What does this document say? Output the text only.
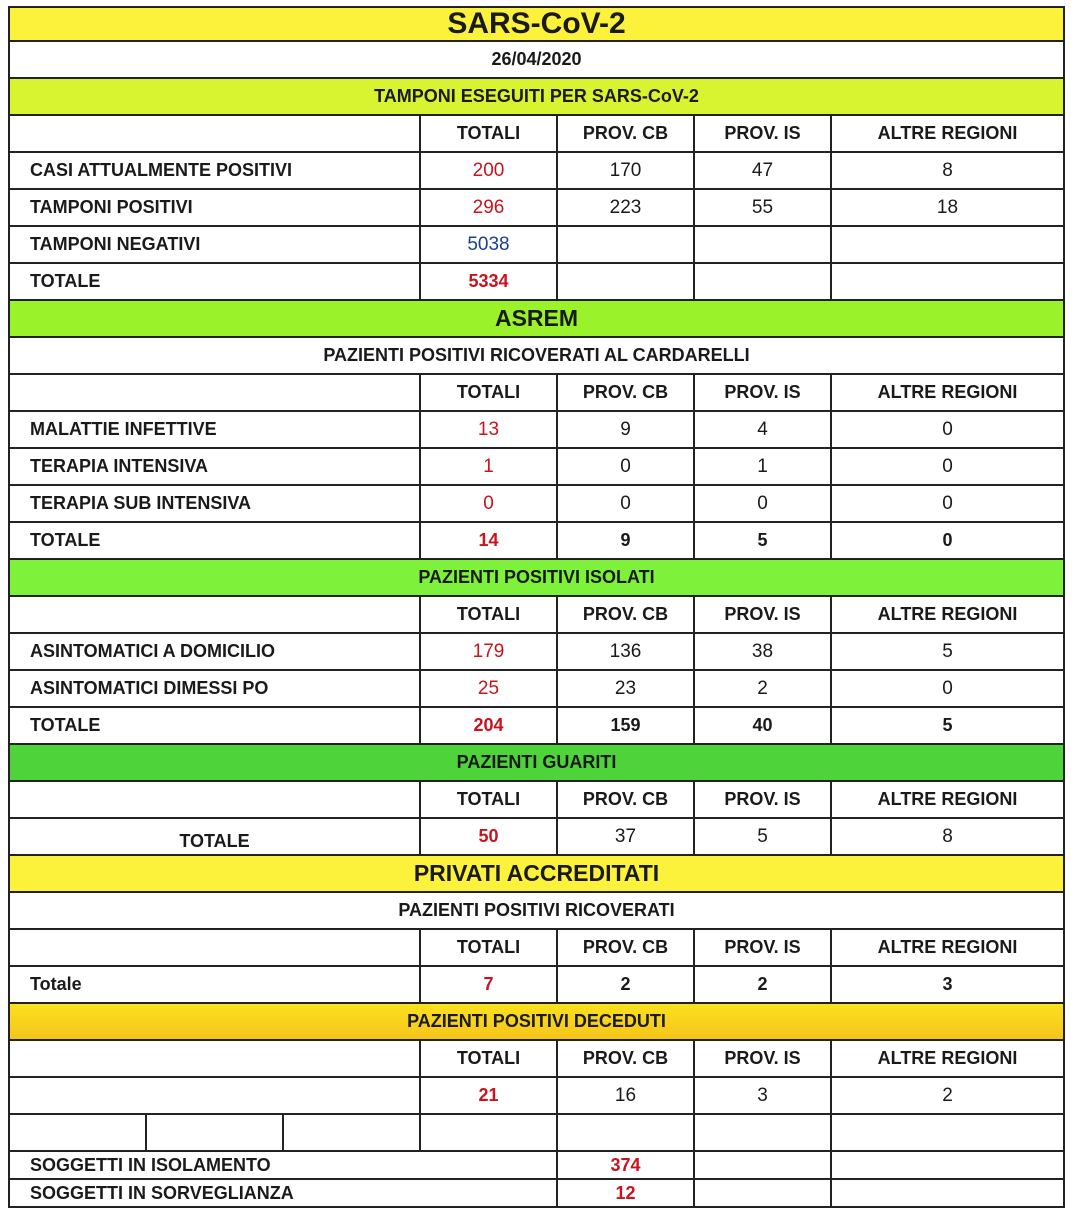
SARS-CoV-2
26/04/2020
TAMPONI ESEGUITI PER SARS-CoV-2
TOTALI	PROV. CB	PROV. IS	ALTRE REGIONI
CASI ATTUALMENTE POSITIVI	200	170	47	8
TAMPONI POSITIVI	296	223	55	18
TAMPONI NEGATIVI	5038
TOTALE	5334
ASREM
PAZIENTI POSITIVI RICOVERATI AL CARDARELLI
TOTALI	PROV. CB	PROV. IS	ALTRE REGIONI
MALATTIE INFETTIVE	13	9	4	0
TERAPIA INTENSIVA	1	0	1	0
TERAPIA SUB INTENSIVA	0	0	0	0
TOTALE	14	9	5	0
PAZIENTI POSITIVI ISOLATI
TOTALI	PROV. CB	PROV. IS	ALTRE REGIONI
ASINTOMATICI A DOMICILIO	179	136	38	5
ASINTOMATICI DIMESSI PO	25	23	2	0
TOTALE	204	159	40	5
PAZIENTI GUARITI
TOTALI	PROV. CB	PROV. IS	ALTRE REGIONI
TOTALE	50	37	5	8
PRIVATI ACCREDITATI
PAZIENTI POSITIVI RICOVERATI
TOTALI	PROV. CB	PROV. IS	ALTRE REGIONI
Totale	7	2	2	3
PAZIENTI POSITIVI DECEDUTI
TOTALI	PROV. CB	PROV. IS	ALTRE REGIONI
21	16	3	2
SOGGETTI IN ISOLAMENTO	374
SOGGETTI IN SORVEGLIANZA	12
